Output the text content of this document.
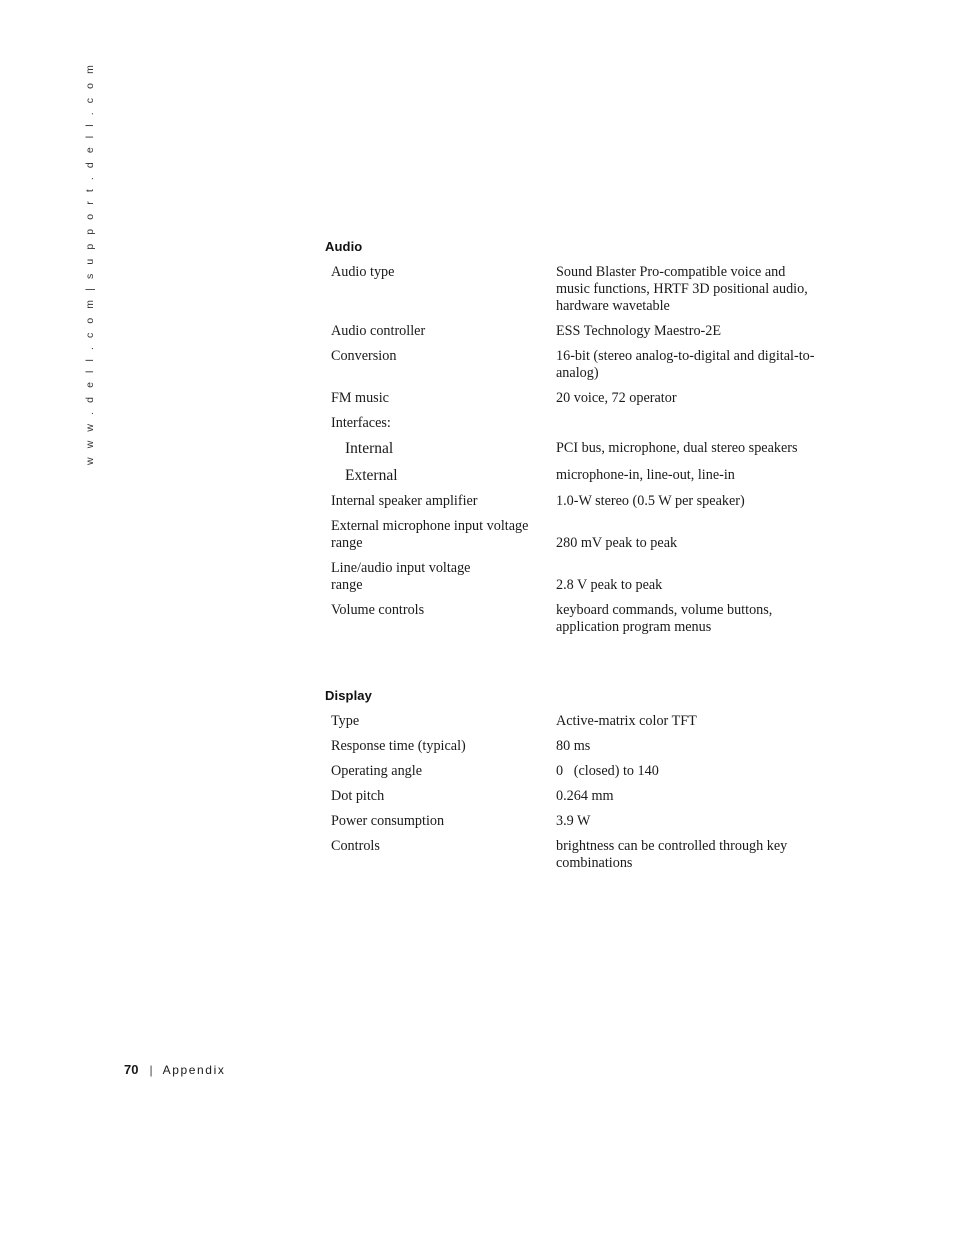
w w w . d e l l . c o m | s u p p o r t . d e l l . c o m	Audio
Audio type	Sound Blaster Pro-compatible voice and music functions, HRTF 3D positional audio, hardware wavetable
Audio controller	ESS Technology Maestro-2E
Conversion	16-bit (stereo analog-to-digital and digital-to-analog)
FM music	20 voice, 72 operator
Interfaces:
Internal	PCI bus, microphone, dual stereo speakers
External	microphone-in, line-out, line-in
Internal speaker amplifier	1.0-W stereo (0.5 W per speaker)
External microphone input voltage range	280 mV peak to peak
Line/audio input voltage range	2.8 V peak to peak
Volume controls	keyboard commands, volume buttons, application program menus
Display
Type	Active-matrix color TFT
Response time (typical)	80 ms
Operating angle	0   (closed) to 140
Dot pitch	0.264 mm
Power consumption	3.9 W
Controls	brightness can be controlled through key combinations
70 | Appendix
